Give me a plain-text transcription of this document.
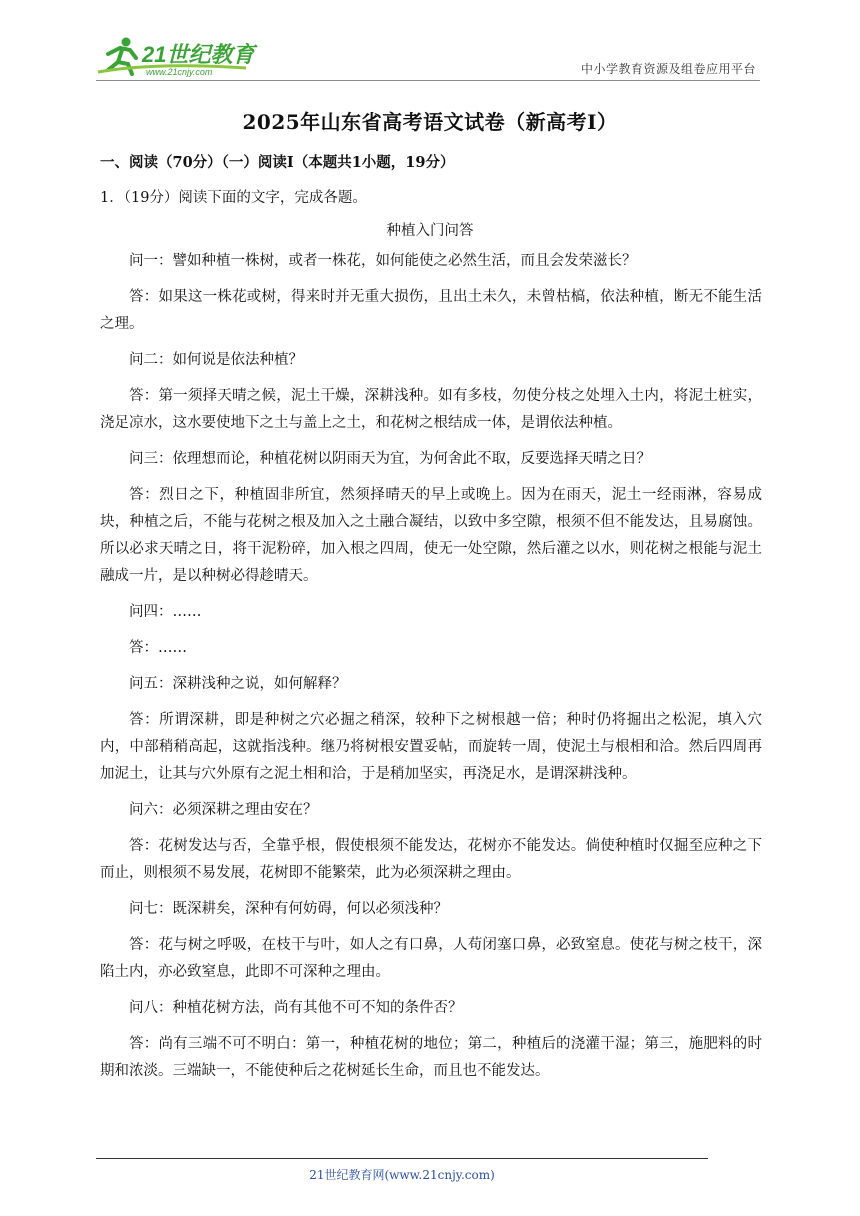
21世纪教育
www.21cnjy.com	中小学教育资源及组卷应用平台
2025年山东省高考语文试卷（新高考Ⅰ）
一、阅读（70分）（一）阅读Ⅰ（本题共1小题，19分）
1．（19分）阅读下面的文字，完成各题。
种植入门问答

问一：譬如种植一株树，或者一株花，如何能使之必然生活，而且会发荣滋长？

答：如果这一株花或树，得来时并无重大损伤，且出土未久，未曾枯槁，依法种植，断无不能生活之理。

问二：如何说是依法种植？

答：第一须择天晴之候，泥土干燥，深耕浅种。如有多枝，勿使分枝之处埋入土内，将泥土桩实，浇足凉水，这水要使地下之土与盖上之土，和花树之根结成一体，是谓依法种植。

问三：依理想而论，种植花树以阴雨天为宜，为何舍此不取，反要选择天晴之日？

答：烈日之下，种植固非所宜，然须择晴天的早上或晚上。因为在雨天，泥土一经雨淋，容易成块，种植之后，不能与花树之根及加入之土融合凝结，以致中多空隙，根须不但不能发达，且易腐蚀。所以必求天晴之日，将干泥粉碎，加入根之四周，使无一处空隙，然后灌之以水，则花树之根能与泥土融成一片，是以种树必得趁晴天。

问四：……

答：……

问五：深耕浅种之说，如何解释？

答：所谓深耕，即是种树之穴必掘之稍深，较种下之树根越一倍；种时仍将掘出之松泥，填入穴内，中部稍稍高起，这就指浅种。继乃将树根安置妥帖，而旋转一周，使泥土与根相和洽。然后四周再加泥土，让其与穴外原有之泥土相和洽，于是稍加坚实，再浇足水，是谓深耕浅种。

问六：必须深耕之理由安在？

答：花树发达与否，全靠乎根，假使根须不能发达，花树亦不能发达。倘使种植时仅掘至应种之下而止，则根须不易发展，花树即不能繁荣，此为必须深耕之理由。

问七：既深耕矣，深种有何妨碍，何以必须浅种？

答：花与树之呼吸，在枝干与叶，如人之有口鼻，人苟闭塞口鼻，必致窒息。使花与树之枝干，深陷土内，亦必致窒息，此即不可深种之理由。

问八：种植花树方法，尚有其他不可不知的条件否？

答：尚有三端不可不明白：第一，种植花树的地位；第二，种植后的浇灌干湿；第三，施肥料的时期和浓淡。三端缺一，不能使种后之花树延长生命，而且也不能发达。

21世纪教育网(www.21cnjy.com)
